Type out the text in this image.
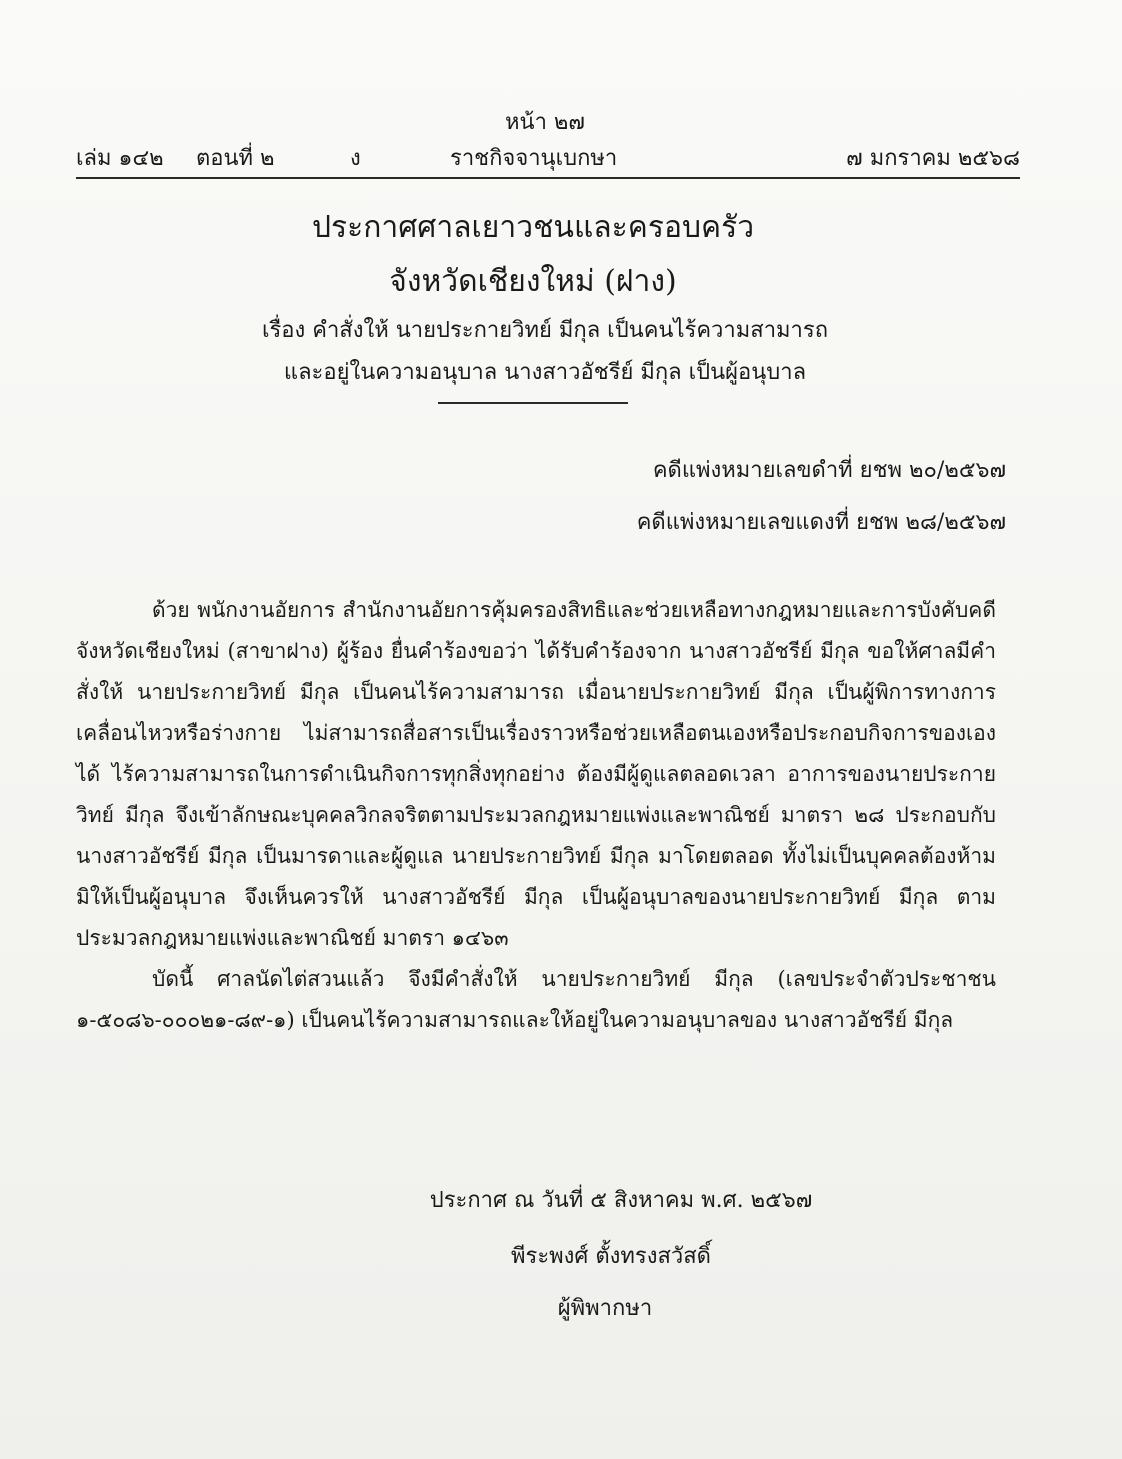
หน้า ๒๗
เล่ม ๑๔๒ ตอนที่ ๒	ง	ราชกิจจานุเบกษา	๗ มกราคม ๒๕๖๘
ประกาศศาลเยาวชนและครอบครัว
จังหวัดเชียงใหม่ (ฝาง)
เรื่อง คำสั่งให้ นายประกายวิทย์ มีกุล เป็นคนไร้ความสามารถ
และอยู่ในความอนุบาล นางสาวอัชรีย์ มีกุล เป็นผู้อนุบาล
คดีแพ่งหมายเลขดำที่ ยชพ ๒๐/๒๕๖๗
คดีแพ่งหมายเลขแดงที่ ยชพ ๒๘/๒๕๖๗

ด้วย พนักงานอัยการ สำนักงานอัยการคุ้มครองสิทธิและช่วยเหลือทางกฎหมายและการบังคับคดี จังหวัดเชียงใหม่ (สาขาฝาง) ผู้ร้อง ยื่นคำร้องขอว่า ได้รับคำร้องจาก นางสาวอัชรีย์ มีกุล ขอให้ศาลมีคำสั่งให้ นายประกายวิทย์ มีกุล เป็นคนไร้ความสามารถ เมื่อนายประกายวิทย์ มีกุล เป็นผู้พิการทางการเคลื่อนไหวหรือร่างกาย ไม่สามารถสื่อสารเป็นเรื่องราวหรือช่วยเหลือตนเองหรือประกอบกิจการของเองได้ ไร้ความสามารถในการดำเนินกิจการทุกสิ่งทุกอย่าง ต้องมีผู้ดูแลตลอดเวลา อาการของนายประกายวิทย์ มีกุล จึงเข้าลักษณะบุคคลวิกลจริตตามประมวลกฎหมายแพ่งและพาณิชย์ มาตรา ๒๘ ประกอบกับนางสาวอัชรีย์ มีกุล เป็นมารดาและผู้ดูแล นายประกายวิทย์ มีกุล มาโดยตลอด ทั้งไม่เป็นบุคคลต้องห้ามมิให้เป็นผู้อนุบาล จึงเห็นควรให้ นางสาวอัชรีย์ มีกุล เป็นผู้อนุบาลของนายประกายวิทย์ มีกุล ตามประมวลกฎหมายแพ่งและพาณิชย์ มาตรา ๑๔๖๓

บัดนี้ ศาลนัดไต่สวนแล้ว จึงมีคำสั่งให้ นายประกายวิทย์ มีกุล (เลขประจำตัวประชาชน ๑-๕๐๘๖-๐๐๐๒๑-๘๙-๑) เป็นคนไร้ความสามารถและให้อยู่ในความอนุบาลของ นางสาวอัชรีย์ มีกุล

ประกาศ ณ วันที่ ๕ สิงหาคม พ.ศ. ๒๕๖๗
พีระพงศ์ ตั้งทรงสวัสดิ์
ผู้พิพากษา
